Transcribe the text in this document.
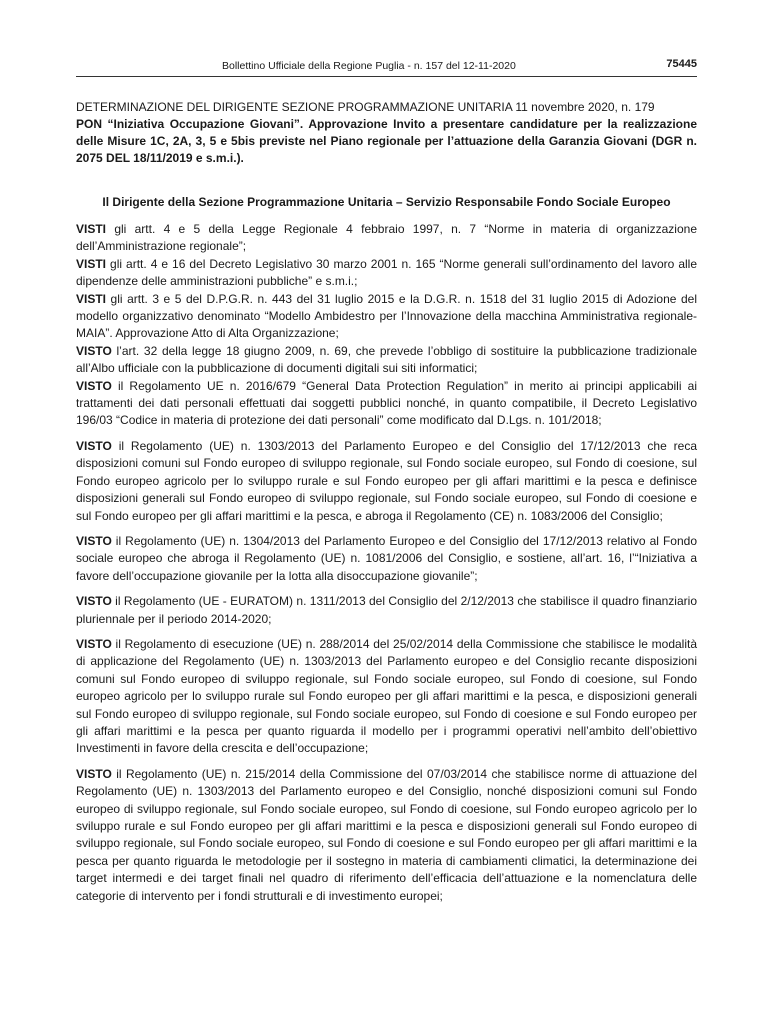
Bollettino Ufficiale della Regione Puglia - n. 157 del 12-11-2020	75445
DETERMINAZIONE DEL DIRIGENTE SEZIONE PROGRAMMAZIONE UNITARIA 11 novembre 2020, n. 179
PON “Iniziativa Occupazione Giovani”. Approvazione Invito a presentare candidature per la realizzazione delle Misure 1C, 2A, 3, 5 e 5bis previste nel Piano regionale per l’attuazione della Garanzia Giovani (DGR n. 2075 DEL 18/11/2019 e s.m.i.).
Il Dirigente della Sezione Programmazione Unitaria – Servizio Responsabile Fondo Sociale Europeo

VISTI gli artt. 4 e 5 della Legge Regionale 4 febbraio 1997, n. 7 “Norme in materia di organizzazione dell’Amministrazione regionale”;

VISTI gli artt. 4 e 16 del Decreto Legislativo 30 marzo 2001 n. 165 “Norme generali sull’ordinamento del lavoro alle dipendenze delle amministrazioni pubbliche” e s.m.i.;

VISTI gli artt. 3 e 5 del D.P.G.R. n. 443 del 31 luglio 2015 e la D.G.R. n. 1518 del 31 luglio 2015 di Adozione del modello organizzativo denominato “Modello Ambidestro per l’Innovazione della macchina Amministrativa regionale- MAIA”. Approvazione Atto di Alta Organizzazione;

VISTO l’art. 32 della legge 18 giugno 2009, n. 69, che prevede l’obbligo di sostituire la pubblicazione tradizionale all’Albo ufficiale con la pubblicazione di documenti digitali sui siti informatici;

VISTO il Regolamento UE n. 2016/679 “General Data Protection Regulation” in merito ai principi applicabili ai trattamenti dei dati personali effettuati dai soggetti pubblici nonché, in quanto compatibile, il Decreto Legislativo 196/03 “Codice in materia di protezione dei dati personali” come modificato dal D.Lgs. n. 101/2018;

VISTO il Regolamento (UE) n. 1303/2013 del Parlamento Europeo e del Consiglio del 17/12/2013 che reca disposizioni comuni sul Fondo europeo di sviluppo regionale, sul Fondo sociale europeo, sul Fondo di coesione, sul Fondo europeo agricolo per lo sviluppo rurale e sul Fondo europeo per gli affari marittimi e la pesca e definisce disposizioni generali sul Fondo europeo di sviluppo regionale, sul Fondo sociale europeo, sul Fondo di coesione e sul Fondo europeo per gli affari marittimi e la pesca, e abroga il Regolamento (CE) n. 1083/2006 del Consiglio;

VISTO il Regolamento (UE) n. 1304/2013 del Parlamento Europeo e del Consiglio del 17/12/2013 relativo al Fondo sociale europeo che abroga il Regolamento (UE) n. 1081/2006 del Consiglio, e sostiene, all’art. 16, l’“Iniziativa a favore dell’occupazione giovanile per la lotta alla disoccupazione giovanile”;

VISTO il Regolamento (UE - EURATOM) n. 1311/2013 del Consiglio del 2/12/2013 che stabilisce il quadro finanziario pluriennale per il periodo 2014-2020;

VISTO il Regolamento di esecuzione (UE) n. 288/2014 del 25/02/2014 della Commissione che stabilisce le modalità di applicazione del Regolamento (UE) n. 1303/2013 del Parlamento europeo e del Consiglio recante disposizioni comuni sul Fondo europeo di sviluppo regionale, sul Fondo sociale europeo, sul Fondo di coesione, sul Fondo europeo agricolo per lo sviluppo rurale sul Fondo europeo per gli affari marittimi e la pesca, e disposizioni generali sul Fondo europeo di sviluppo regionale, sul Fondo sociale europeo, sul Fondo di coesione e sul Fondo europeo per gli affari marittimi e la pesca per quanto riguarda il modello per i programmi operativi nell’ambito dell’obiettivo Investimenti in favore della crescita e dell’occupazione;

VISTO il Regolamento (UE) n. 215/2014 della Commissione del 07/03/2014 che stabilisce norme di attuazione del Regolamento (UE) n. 1303/2013 del Parlamento europeo e del Consiglio, nonché disposizioni comuni sul Fondo europeo di sviluppo regionale, sul Fondo sociale europeo, sul Fondo di coesione, sul Fondo europeo agricolo per lo sviluppo rurale e sul Fondo europeo per gli affari marittimi e la pesca e disposizioni generali sul Fondo europeo di sviluppo regionale, sul Fondo sociale europeo, sul Fondo di coesione e sul Fondo europeo per gli affari marittimi e la pesca per quanto riguarda le metodologie per il sostegno in materia di cambiamenti climatici, la determinazione dei target intermedi e dei target finali nel quadro di riferimento dell’efficacia dell’attuazione e la nomenclatura delle categorie di intervento per i fondi strutturali e di investimento europei;
